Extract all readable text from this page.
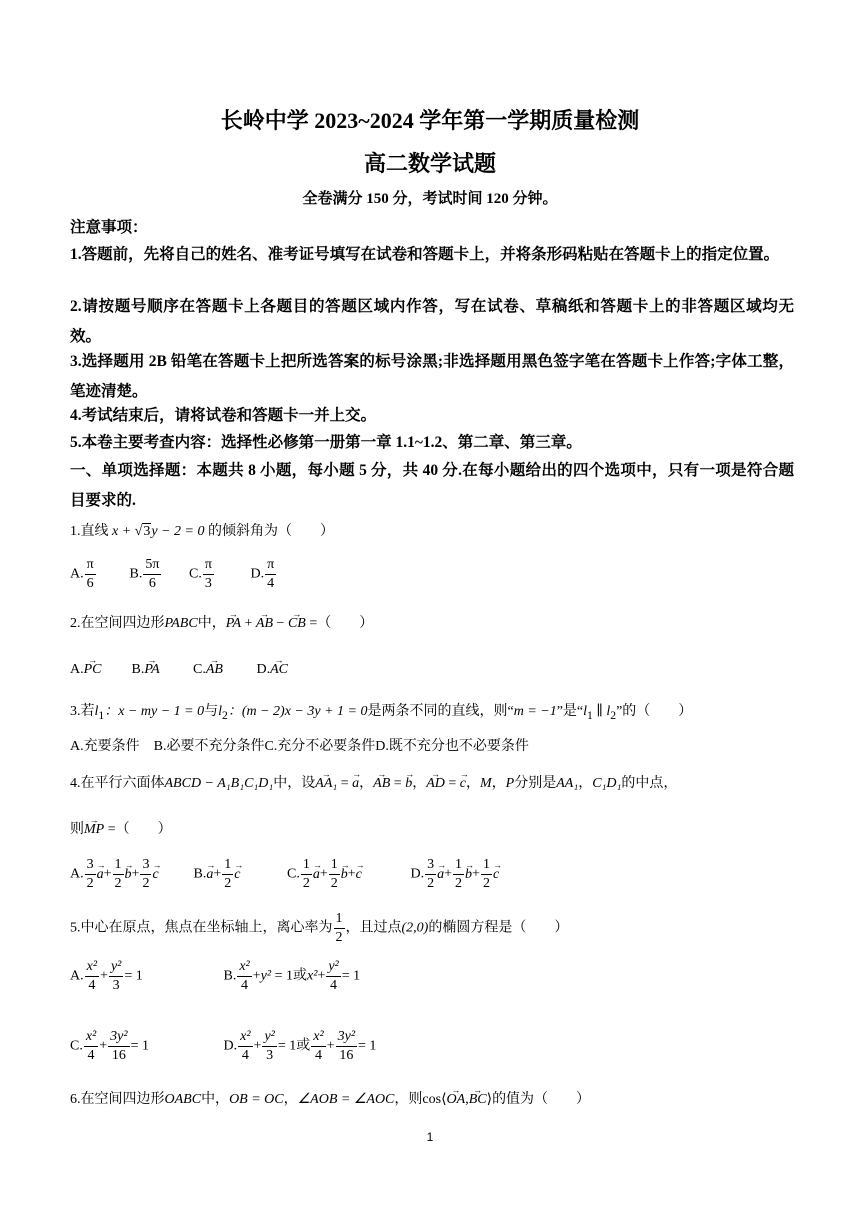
长岭中学 2023~2024 学年第一学期质量检测
高二数学试题
全卷满分 150 分，考试时间 120 分钟。
注意事项：
1.答题前，先将自己的姓名、准考证号填写在试卷和答题卡上，并将条形码粘贴在答题卡上的指定位置。
2.请按题号顺序在答题卡上各题目的答题区域内作答，写在试卷、草稿纸和答题卡上的非答题区域均无效。
3.选择题用 2B 铅笔在答题卡上把所选答案的标号涂黑;非选择题用黑色签字笔在答题卡上作答;字体工整，笔迹清楚。
4.考试结束后，请将试卷和答题卡一并上交。
5.本卷主要考查内容：选择性必修第一册第一章 1.1~1.2、第二章、第三章。
一、单项选择题：本题共 8 小题，每小题 5 分，共 40 分.在每小题给出的四个选项中，只有一项是符合题目要求的.
1.直线 x + √3y − 2 = 0 的倾斜角为（　　）
A. $\frac{\pi}{6} B$. $\frac{5\pi}{6} C$. $\frac{\pi}{3}$	D. $\frac{\pi}{4}$
2.在空间四边形PABC中，PA → + AB → − CB → =（　　）
A.PC → B.PA → C.AB → D.AC →
3.若$l_1$：x − my − 1 = 0与$l_2$：(m − 2)x − 3y + 1 = 0是两条不同的直线，则“m = −1”是“$l_1$ ∥ $l_2$”的（　　）
A.充要条件　B.必要不充分条件C.充分不必要条件D.既不充分也不必要条件
4.在平行六面体ABCD − A₁B₁C₁D₁中，设AA₁ → = a →，AB → = b →，AD → = c →，M，P分别是AA₁，C₁D₁的中点，
则MP → =（　　）
A. $\frac{3}{2}$ $a \to+ \frac{1}{2}$ $b \to+ \frac{3}{2}$ $c \to B.a \to+ \frac{1}{2}$ c →	C. $\frac{1}{2}$ $a \to+ \frac{1}{2}$ b →+c →	D. $\frac{3}{2}$ $a \to+ \frac{1}{2}$ $b \to+ \frac{1}{2}$ c →
5.中心在原点，焦点在坐标轴上，离心率为 $\frac{1}{2}$ ，且过点(2,0)的椭圆方程是（　　）
A. $\frac{\text{x²}}{4} + \frac{\text{y²}}{3} = 1$	B. $\frac{\text{x²}}{4} +y^2 = 1$或$x^2+ \frac{\text{y²}}{4} = 1$
C. $\frac{\text{x²}}{4} + \frac{\text{3y²}}{16} = 1$	D. $\frac{\text{x²}}{4} + \frac{\text{y²}}{3} = 1$或 $\frac{\text{x²}}{4} + \frac{\text{3y²}}{16} = 1$
6.在空间四边形OABC中，OB = OC，∠AOB = ∠AOC，则cos⟨OA →,BC →⟩的值为（　　）
1
